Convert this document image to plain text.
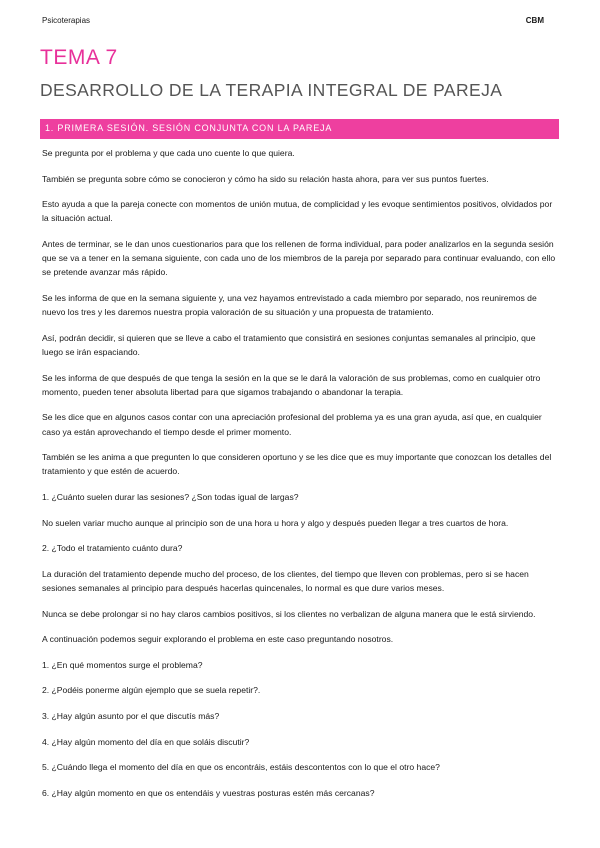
Psicoterapias	CBM
TEMA 7
DESARROLLO DE LA TERAPIA INTEGRAL DE PAREJA
1. PRIMERA SESIÓN. SESIÓN CONJUNTA CON LA PAREJA

Se pregunta por el problema y que cada uno cuente lo que quiera.

También se pregunta sobre cómo se conocieron y cómo ha sido su relación hasta ahora, para ver sus puntos fuertes.

Esto ayuda a que la pareja conecte con momentos de unión mutua, de complicidad y les evoque sentimientos positivos, olvidados por la situación actual.

Antes de terminar, se le dan unos cuestionarios para que los rellenen de forma individual, para poder analizarlos en la segunda sesión que se va a tener en la semana siguiente, con cada uno de los miembros de la pareja por separado para continuar evaluando, con ello se pretende avanzar más rápido.

Se les informa de que en la semana siguiente y, una vez hayamos entrevistado a cada miembro por separado, nos reuniremos de nuevo los tres y les daremos nuestra propia valoración de su situación y una propuesta de tratamiento.

Así, podrán decidir, si quieren que se lleve a cabo el tratamiento que consistirá en sesiones conjuntas semanales al principio, que luego se irán espaciando.

Se les informa de que después de que tenga la sesión en la que se le dará la valoración de sus problemas, como en cualquier otro momento, pueden tener absoluta libertad para que sigamos trabajando o abandonar la terapia.

Se les dice que en algunos casos contar con una apreciación profesional del problema ya es una gran ayuda, así que, en cualquier caso ya están aprovechando el tiempo desde el primer momento.

También se les anima a que pregunten lo que consideren oportuno y se les dice que es muy importante que conozcan los detalles del tratamiento y que estén de acuerdo.

1. ¿Cuánto suelen durar las sesiones? ¿Son todas igual de largas?

No suelen variar mucho aunque al principio son de una hora u hora y algo y después pueden llegar a tres cuartos de hora.

2. ¿Todo el tratamiento cuánto dura?

La duración del tratamiento depende mucho del proceso, de los clientes, del tiempo que lleven con problemas, pero si se hacen sesiones semanales al principio para después hacerlas quincenales, lo normal es que dure varios meses.

Nunca se debe prolongar si no hay claros cambios positivos, si los clientes no verbalizan de alguna manera que le está sirviendo.

A continuación podemos seguir explorando el problema en este caso preguntando nosotros.

1. ¿En qué momentos surge el problema?

2. ¿Podéis ponerme algún ejemplo que se suela repetir?.

3. ¿Hay algún asunto por el que discutís más?

4. ¿Hay algún momento del día en que soláis discutir?

5. ¿Cuándo llega el momento del día en que os encontráis, estáis descontentos con lo que el otro hace?

6. ¿Hay algún momento en que os entendáis y vuestras posturas estén más cercanas?
